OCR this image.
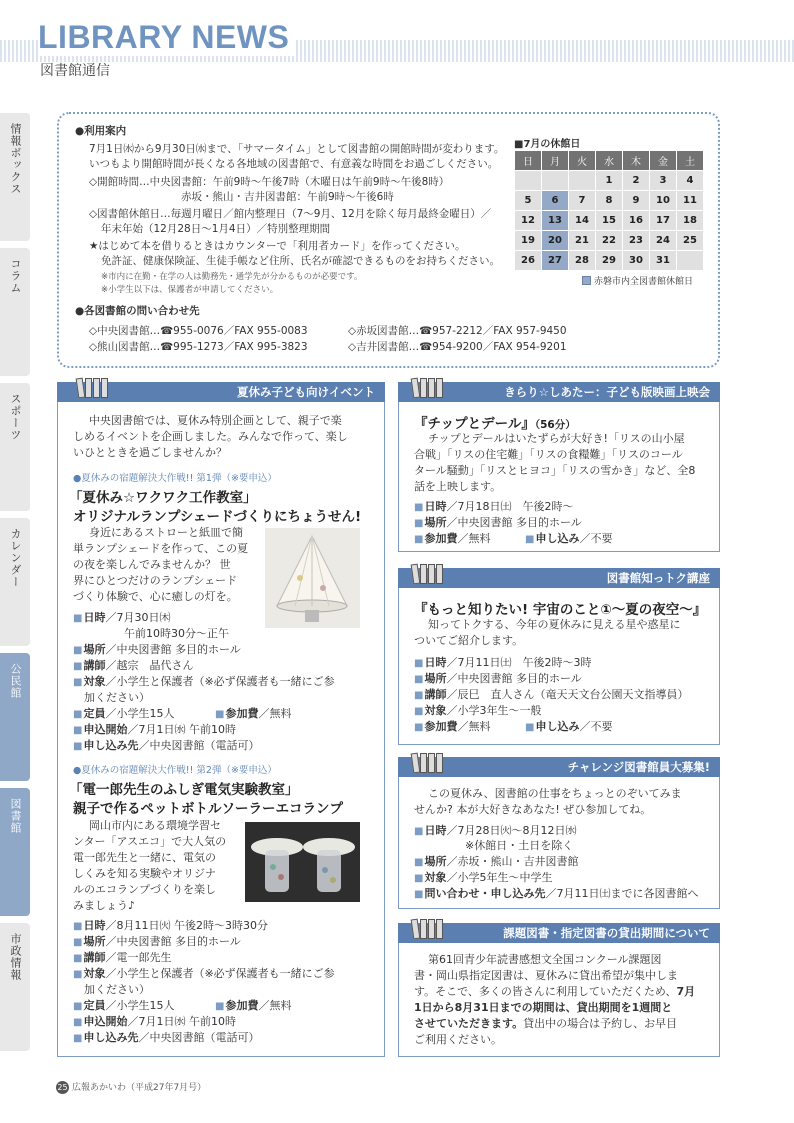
LIBRARY NEWS
図書館通信
情報ボックス
コラム
スポーツ
カレンダー
公民館
図書館
市政情報
●利用案内
7月1日㈬から9月30日㈬まで、「サマータイム」として図書館の開館時間が変わります。
いつもより開館時間が長くなる各地域の図書館で、有意義な時間をお過ごしください。
◇開館時間…中央図書館：午前9時〜午後7時（木曜日は午前9時〜午後8時）
赤坂・熊山・吉井図書館：午前9時〜午後6時
◇図書館休館日…毎週月曜日／館内整理日（7〜9月、12月を除く毎月最終金曜日）／
年末年始（12月28日〜1月4日）／特別整理期間
★はじめて本を借りるときはカウンターで「利用者カード」を作ってください。
免許証、健康保険証、生徒手帳など住所、氏名が確認できるものをお持ちください。
※市内に在勤・在学の人は勤務先・通学先が分かるものが必要です。
※小学生以下は、保護者が申請してください。
●各図書館の問い合わせ先
◇中央図書館…☎955-0076／FAX 955-0083	◇赤坂図書館…☎957-2212／FAX 957-9450
◇熊山図書館…☎995-1273／FAX 995-3823	◇吉井図書館…☎954-9200／FAX 954-9201
■7月の休館日
日	月	火	水	木	金	土
			1	2	3	4
5	6	7	8	9	10	11
12	13	14	15	16	17	18
19	20	21	22	23	24	25
26	27	28	29	30	31	
赤磐市内全図書館休館日
夏休み子ども向けイベント
中央図書館では、夏休み特別企画として、親子で楽
しめるイベントを企画しました。みんなで作って、楽し
いひとときを過ごしませんか？
●夏休みの宿題解決大作戦!! 第1弾（※要申込）
「夏休み☆ワクワク工作教室」
オリジナルランプシェードづくりにちょうせん!
身近にあるストローと紙皿で簡
単ランプシェードを作って、この夏
の夜を楽しんでみませんか？ 世
界にひとつだけのランプシェード
づくり体験で、心に癒しの灯を。
■日時／7月30日㈭
午前10時30分〜正午
■場所／中央図書館 多目的ホール
■講師／越宗　晶代さん
■対象／小学生と保護者（※必ず保護者も一緒にご参
加ください）
■定員／小学生15人	■参加費／無料
■申込開始／7月1日㈬ 午前10時
■申し込み先／中央図書館（電話可）
●夏休みの宿題解決大作戦!! 第2弾（※要申込）
「電一郎先生のふしぎ電気実験教室」
親子で作るペットボトルソーラーエコランプ
岡山市内にある環境学習セ
ンター「アスエコ」で大人気の
電一郎先生と一緒に、電気の
しくみを知る実験やオリジナ
ルのエコランプづくりを楽し
みましょう♪
■日時／8月11日㈫ 午後2時〜3時30分
■場所／中央図書館 多目的ホール
■講師／電一郎先生
■対象／小学生と保護者（※必ず保護者も一緒にご参
加ください）
■定員／小学生15人	■参加費／無料
■申込開始／7月1日㈬ 午前10時
■申し込み先／中央図書館（電話可）
きらり☆しあたー：子ども版映画上映会
『チップとデール』（56分）
チップとデールはいたずらが大好き!「リスの山小屋
合戦」「リスの住宅難」「リスの食糧難」「リスのコール
タール騒動」「リスとヒヨコ」「リスの雪かき」など、全8
話を上映します。
■日時／7月18日㈯　午後2時〜
■場所／中央図書館 多目的ホール
■参加費／無料	■申し込み／不要
図書館知っトク講座
『もっと知りたい! 宇宙のこと①〜夏の夜空〜』
知ってトクする、今年の夏休みに見える星や惑星に
ついてご紹介します。
■日時／7月11日㈯　午後2時〜3時
■場所／中央図書館 多目的ホール
■講師／辰巳　直人さん（竜天天文台公園天文指導員）
■対象／小学3年生〜一般
■参加費／無料	■申し込み／不要
チャレンジ図書館員大募集!
この夏休み、図書館の仕事をちょっとのぞいてみま
せんか? 本が大好きなあなた! ぜひ参加してね。
■日時／7月28日㈫〜8月12日㈬
※休館日・土日を除く
■場所／赤坂・熊山・吉井図書館
■対象／小学5年生〜中学生
■問い合わせ・申し込み先／7月11日㈯までに各図書館へ
課題図書・指定図書の貸出期間について
第61回青少年読書感想文全国コンクール課題図
書・岡山県指定図書は、夏休みに貸出希望が集中しま
す。そこで、多くの皆さんに利用していただくため、7月
1日から8月31日までの期間は、貸出期間を1週間と
させていただきます。貸出中の場合は予約し、お早目
ご利用ください。
25 広報あかいわ（平成27年7月号）
